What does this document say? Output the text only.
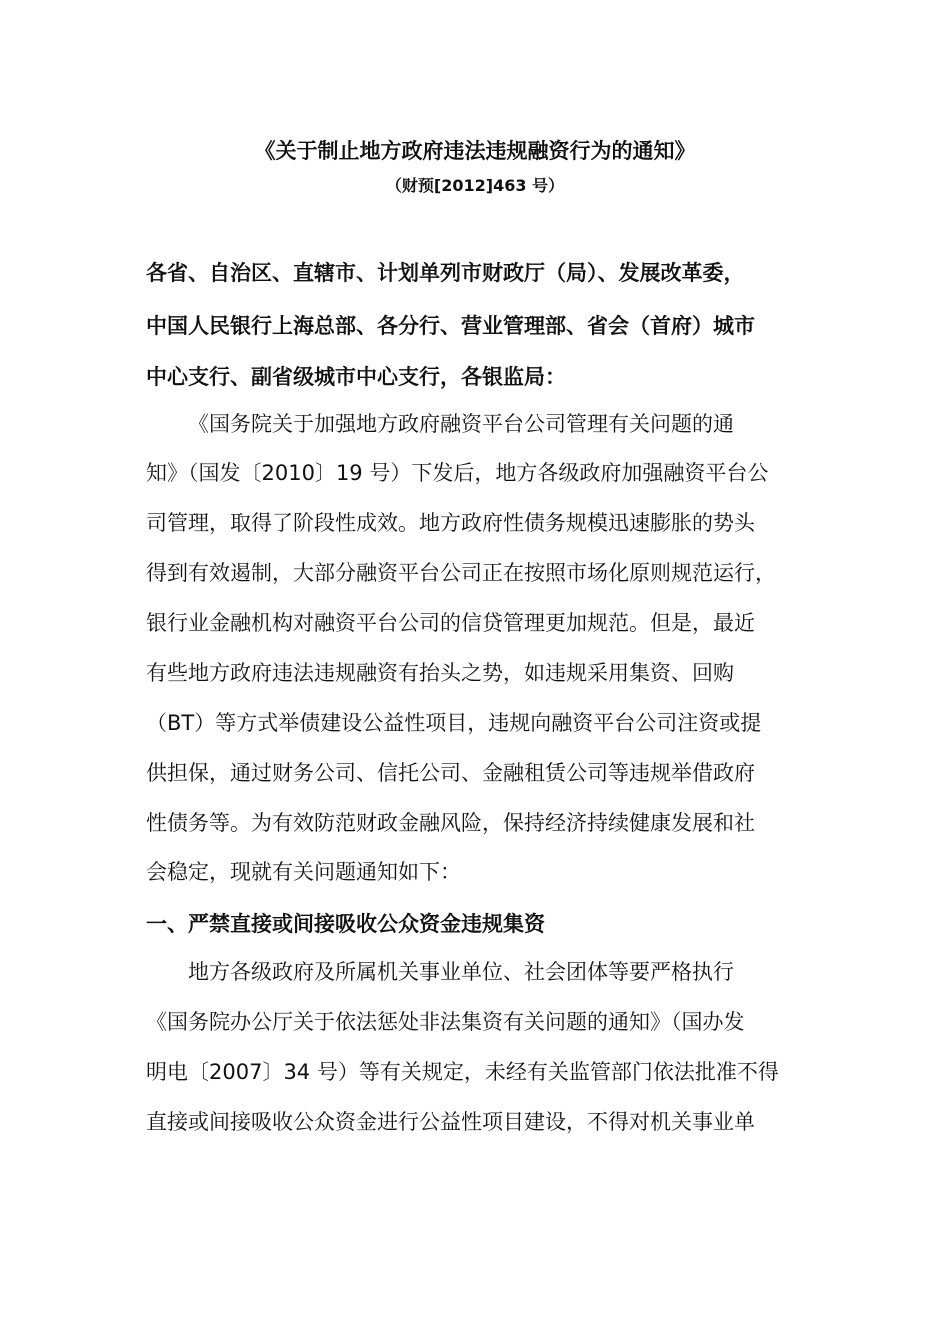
《关于制止地方政府违法违规融资行为的通知》
（财预[2012]463 号）
各省、自治区、直辖市、计划单列市财政厅（局）、发展改革委，
中国人民银行上海总部、各分行、营业管理部、省会（首府）城市
中心支行、副省级城市中心支行，各银监局：
《国务院关于加强地方政府融资平台公司管理有关问题的通
知》（国发〔2010〕19 号）下发后，地方各级政府加强融资平台公
司管理，取得了阶段性成效。地方政府性债务规模迅速膨胀的势头
得到有效遏制，大部分融资平台公司正在按照市场化原则规范运行，
银行业金融机构对融资平台公司的信贷管理更加规范。但是，最近
有些地方政府违法违规融资有抬头之势，如违规采用集资、回购
（BT）等方式举债建设公益性项目，违规向融资平台公司注资或提
供担保，通过财务公司、信托公司、金融租赁公司等违规举借政府
性债务等。为有效防范财政金融风险，保持经济持续健康发展和社
会稳定，现就有关问题通知如下：
一、严禁直接或间接吸收公众资金违规集资
地方各级政府及所属机关事业单位、社会团体等要严格执行
《国务院办公厅关于依法惩处非法集资有关问题的通知》（国办发
明电〔2007〕34 号）等有关规定，未经有关监管部门依法批准不得
直接或间接吸收公众资金进行公益性项目建设，不得对机关事业单
